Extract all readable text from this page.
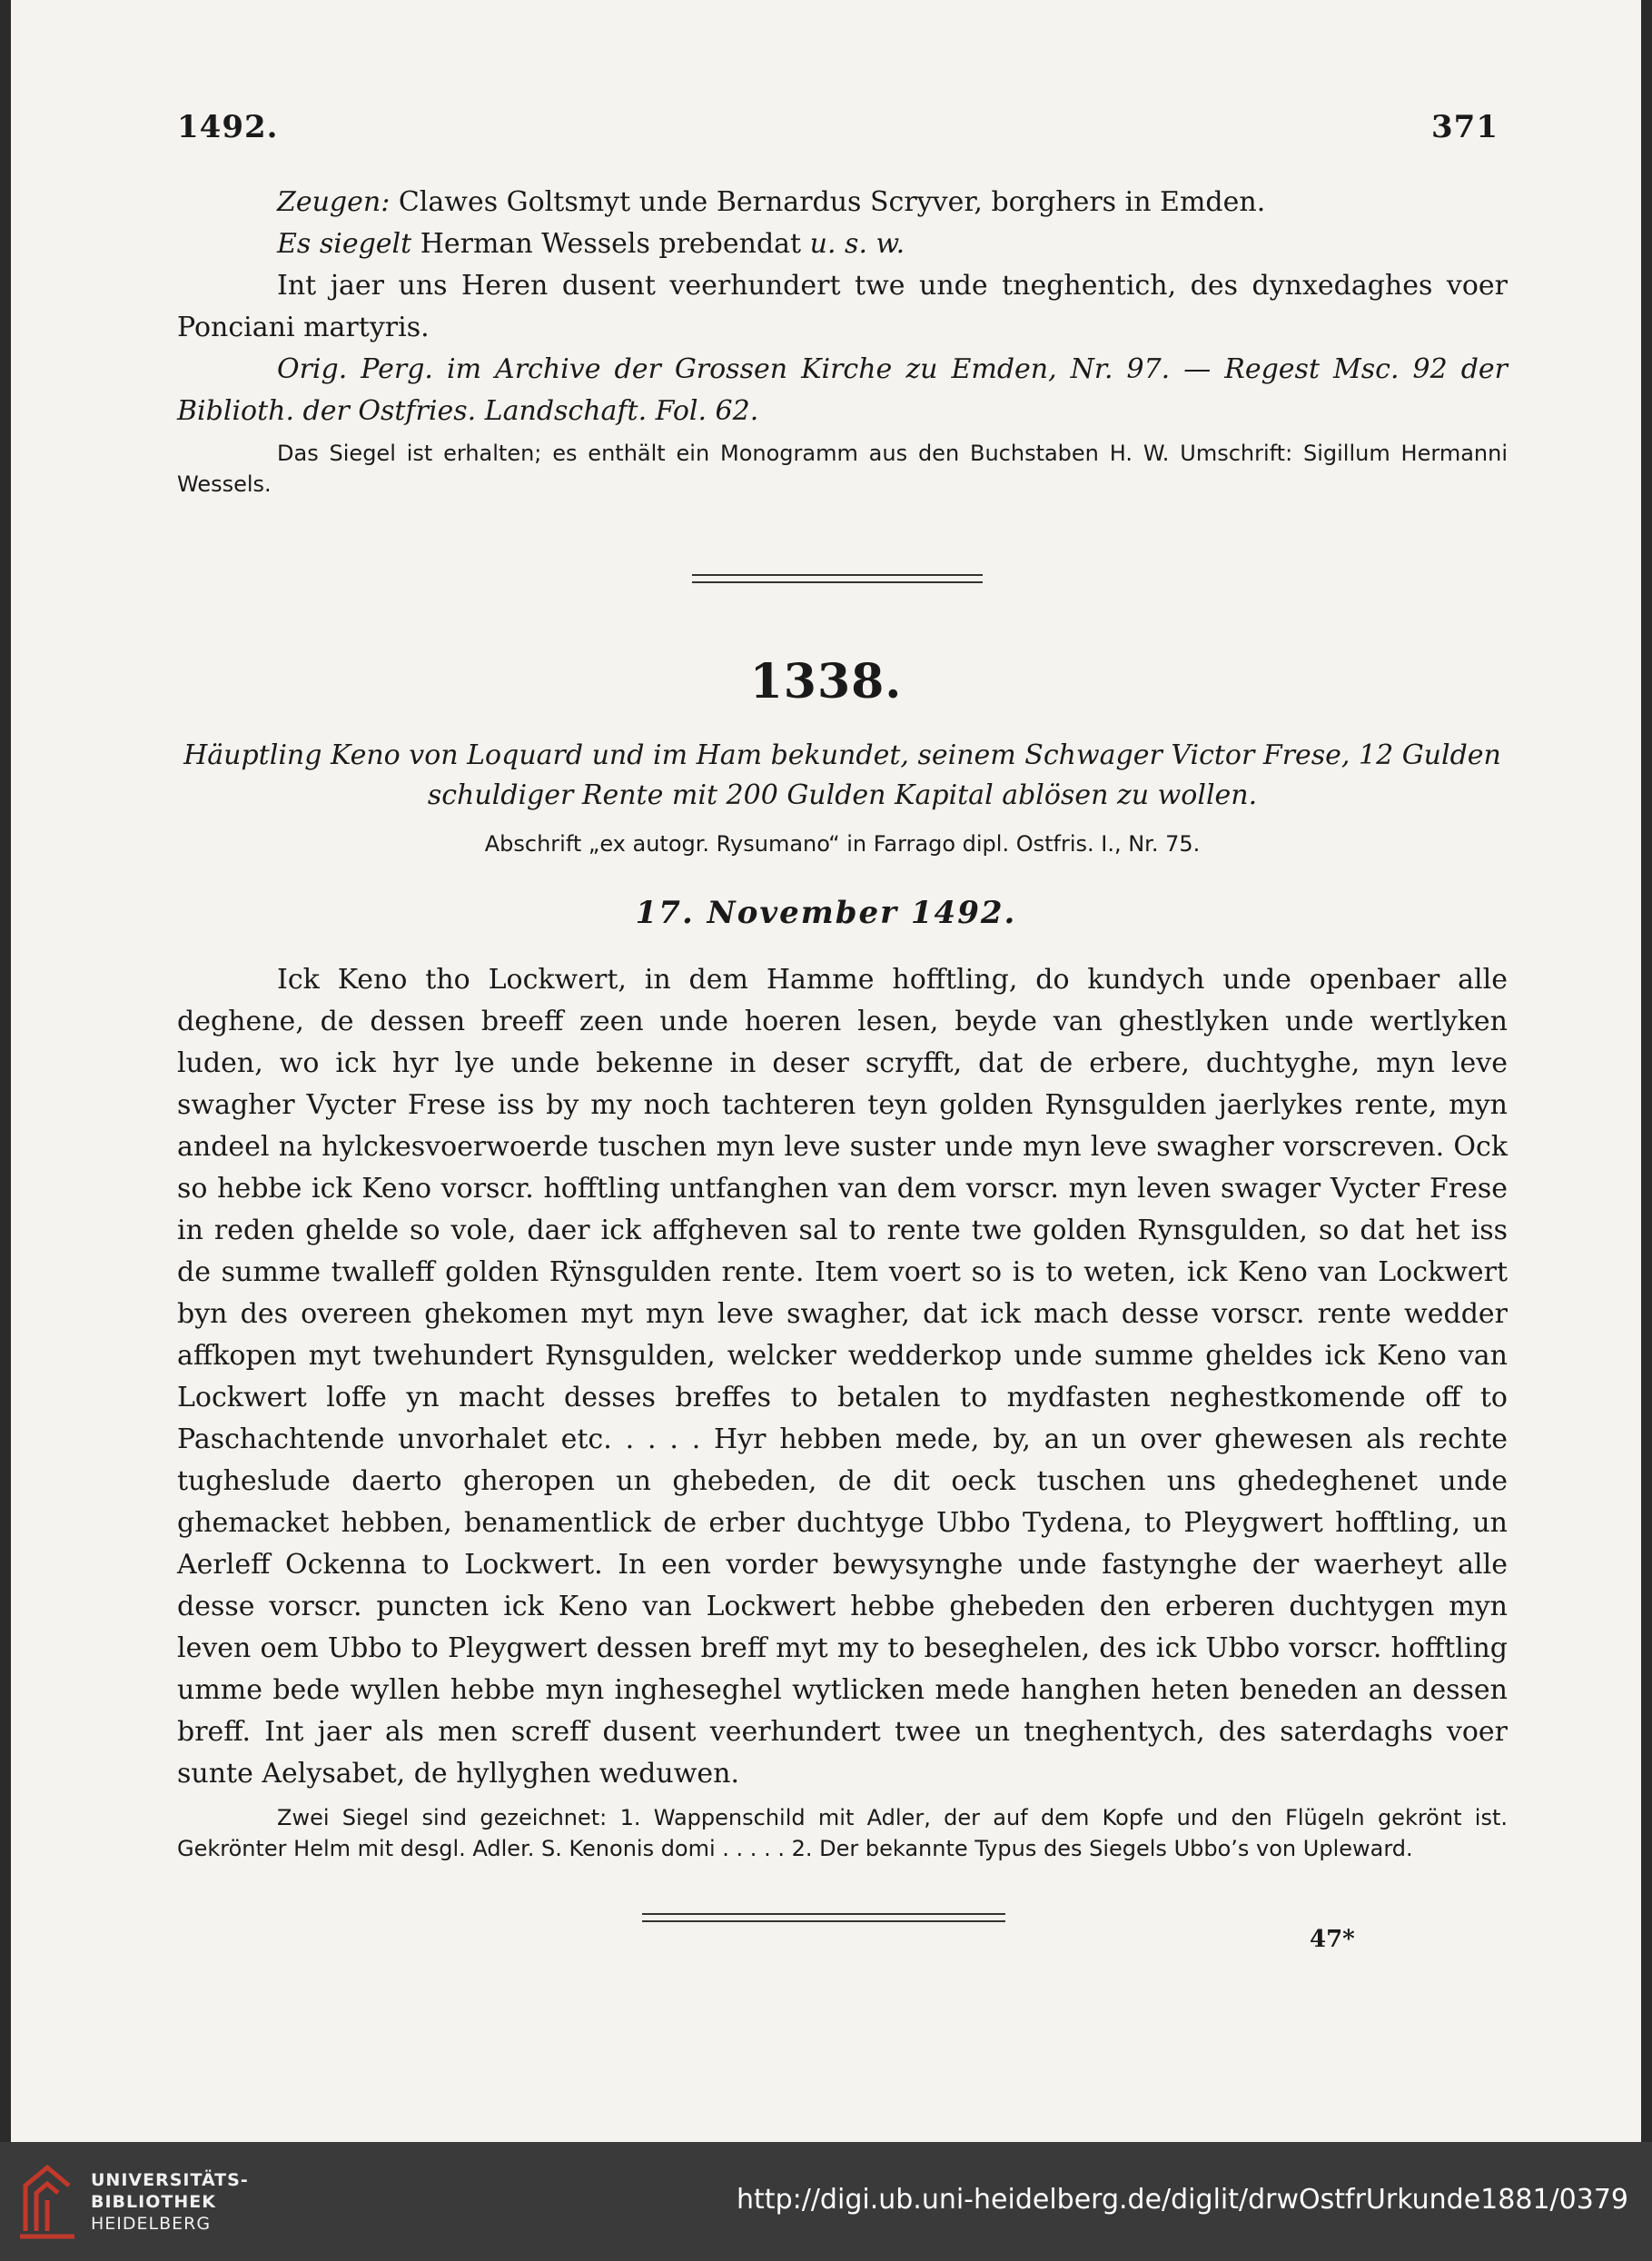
1492.	371

Zeugen: Clawes Goltsmyt unde Bernardus Scryver, borghers in Emden.

Es siegelt Herman Wessels prebendat u. s. w.

Int jaer uns Heren dusent veerhundert twe unde tneghentich, des dynxedaghes voer Ponciani martyris.

Orig. Perg. im Archive der Grossen Kirche zu Emden, Nr. 97. — Regest Msc. 92 der Biblioth. der Ostfries. Landschaft. Fol. 62.

Das Siegel ist erhalten; es enthält ein Monogramm aus den Buchstaben H. W. Umschrift: Sigillum Hermanni Wessels.

1338.
Häuptling Keno von Loquard und im Ham bekundet, seinem Schwager Victor Frese, 12 Gulden schuldiger Rente mit 200 Gulden Kapital ablösen zu wollen.
Abschrift „ex autogr. Rysumano“ in Farrago dipl. Ostfris. I., Nr. 75.
17. November 1492.

Ick Keno tho Lockwert, in dem Hamme hofftling, do kundych unde openbaer alle deghene, de dessen breeff zeen unde hoeren lesen, beyde van ghestlyken unde wertlyken luden, wo ick hyr lye unde bekenne in deser scryfft, dat de erbere, duchtyghe, myn leve swagher Vycter Frese iss by my noch tachteren teyn golden Rynsgulden jaerlykes rente, myn andeel na hylckesvoerwoerde tuschen myn leve suster unde myn leve swagher vorscreven. Ock so hebbe ick Keno vorscr. hofftling untfanghen van dem vorscr. myn leven swager Vycter Frese in reden ghelde so vole, daer ick affgheven sal to rente twe golden Rynsgulden, so dat het iss de summe twalleff golden Rÿnsgulden rente. Item voert so is to weten, ick Keno van Lockwert byn des overeen ghekomen myt myn leve swagher, dat ick mach desse vorscr. rente wedder affkopen myt twehundert Rynsgulden, welcker wedderkop unde summe gheldes ick Keno van Lockwert loffe yn macht desses breffes to betalen to mydfasten neghestkomende off to Paschachtende unvorhalet etc. . . . . Hyr hebben mede, by, an un over ghewesen als rechte tugheslude daerto gheropen un ghebeden, de dit oeck tuschen uns ghedeghenet unde ghemacket hebben, benamentlick de erber duchtyge Ubbo Tydena, to Pleygwert hofftling, un Aerleff Ockenna to Lockwert. In een vorder bewysynghe unde fastynghe der waerheyt alle desse vorscr. puncten ick Keno van Lockwert hebbe ghebeden den erberen duchtygen myn leven oem Ubbo to Pleygwert dessen breff myt my to beseghelen, des ick Ubbo vorscr. hofftling umme bede wyllen hebbe myn ingheseghel wytlicken mede hanghen heten beneden an dessen breff. Int jaer als men screff dusent veerhundert twee un tneghentych, des saterdaghs voer sunte Aelysabet, de hyllyghen weduwen.

Zwei Siegel sind gezeichnet: 1. Wappenschild mit Adler, der auf dem Kopfe und den Flügeln gekrönt ist. Gekrönter Helm mit desgl. Adler. S. Kenonis domi . . . . . 2. Der bekannte Typus des Siegels Ubbo’s von Upleward.

47*
UNIVERSITÄTS-
BIBLIOTHEK
HEIDELBERG
http://digi.ub.uni-heidelberg.de/diglit/drwOstfrUrkunde1881/0379
